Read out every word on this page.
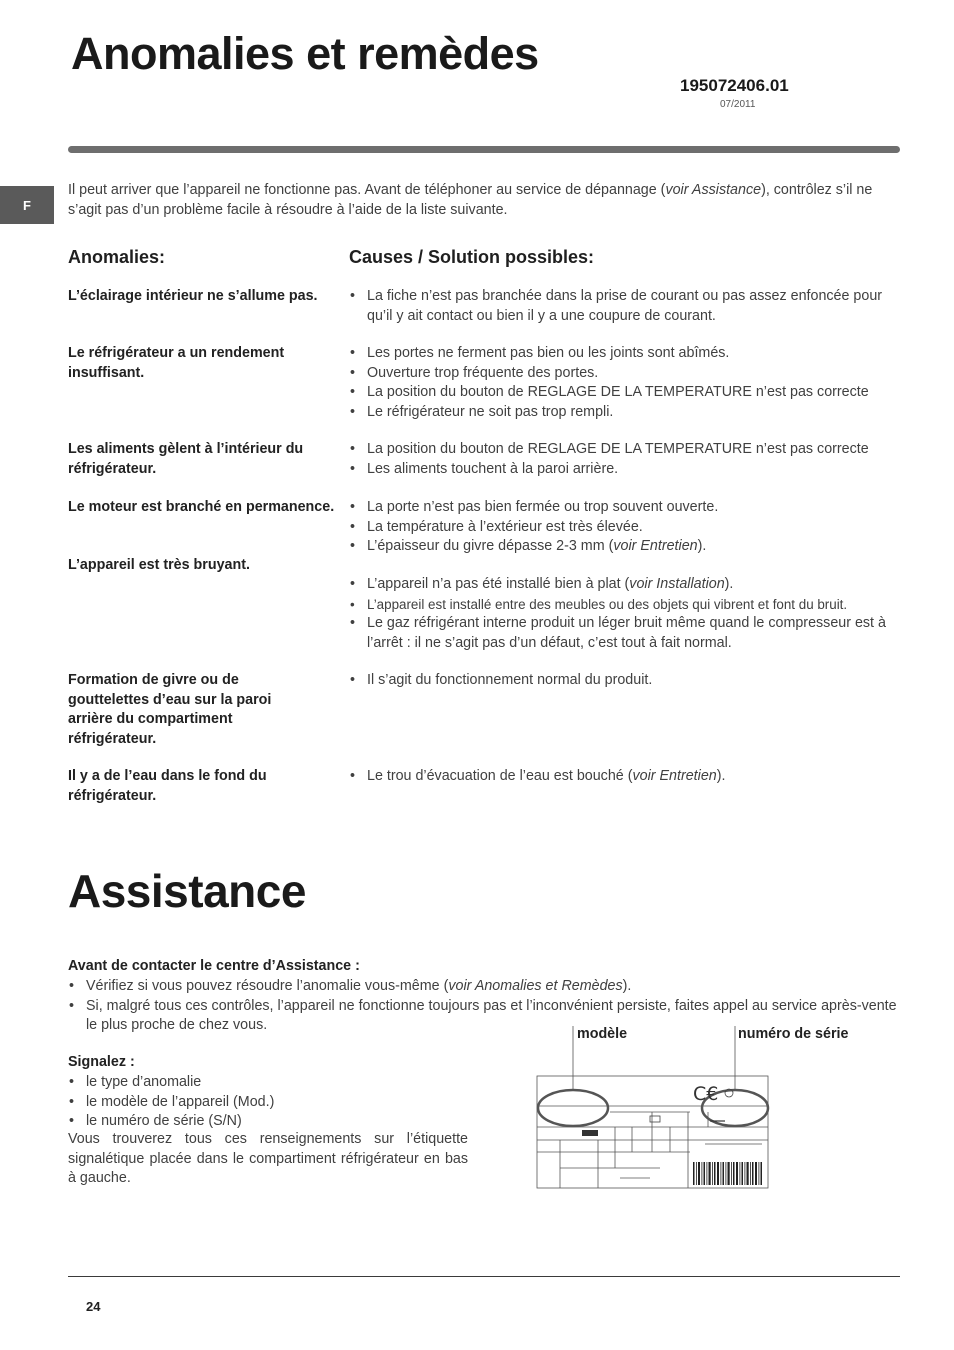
Anomalies et remèdes
195072406.01
07/2011
F
Il peut arriver que l’appareil ne fonctionne pas. Avant de téléphoner au service de dépannage (voir Assistance), contrôlez s’il ne s’agit pas d’un problème facile à résoudre à l’aide de la liste suivante.
Anomalies:	Causes / Solution possibles:
L’éclairage intérieur ne s’allume pas.	• La fiche n’est pas branchée dans la prise de courant ou pas assez enfoncée pour qu’il y ait contact ou bien il y a une coupure de courant.
Le réfrigérateur a un rendement insuffisant.
• Les portes ne ferment pas bien ou les joints sont abîmés.
• Ouverture trop fréquente des portes.
• La position du bouton de REGLAGE DE LA TEMPERATURE n’est pas correcte
• Le réfrigérateur ne soit pas trop rempli.
Les aliments gèlent à l’intérieur du réfrigérateur.
• La position du bouton de REGLAGE DE LA TEMPERATURE n’est pas correcte
• Les aliments touchent à la paroi arrière.
Le moteur est branché en permanence.	• La porte n’est pas bien fermée ou trop souvent ouverte.
• La température à l’extérieur est très élevée.
• L’épaisseur du givre dépasse 2-3 mm (voir Entretien).
L’appareil est très bruyant.
• L’appareil n’a pas été installé bien à plat (voir Installation).
• L’appareil est installé entre des meubles ou des objets qui vibrent et font du bruit.
• Le gaz réfrigérant interne produit un léger bruit même quand le compresseur est à l’arrêt : il ne s’agit pas d’un défaut, c’est tout à fait normal.
Formation de givre ou de gouttelettes d’eau sur la paroi arrière du compartiment réfrigérateur.
• Il s’agit du fonctionnement normal du produit.
Il y a de l’eau dans le fond du réfrigérateur.
• Le trou d’évacuation de l’eau est bouché (voir Entretien).
Assistance
Avant de contacter le centre d’Assistance :
• Vérifiez si vous pouvez résoudre l’anomalie vous-même (voir Anomalies et Remèdes).
• Si, malgré tous ces contrôles, l’appareil ne fonctionne toujours pas et l’inconvénient persiste, faites appel au service après-vente le plus proche de chez vous.
Signalez :
• le type d’anomalie
• le modèle de l’appareil (Mod.)
• le numéro de série (S/N)
Vous trouverez tous ces renseignements sur l’étiquette signalétique placée dans le compartiment réfrigérateur en bas à gauche.
modèle	numéro de série
C€
24
